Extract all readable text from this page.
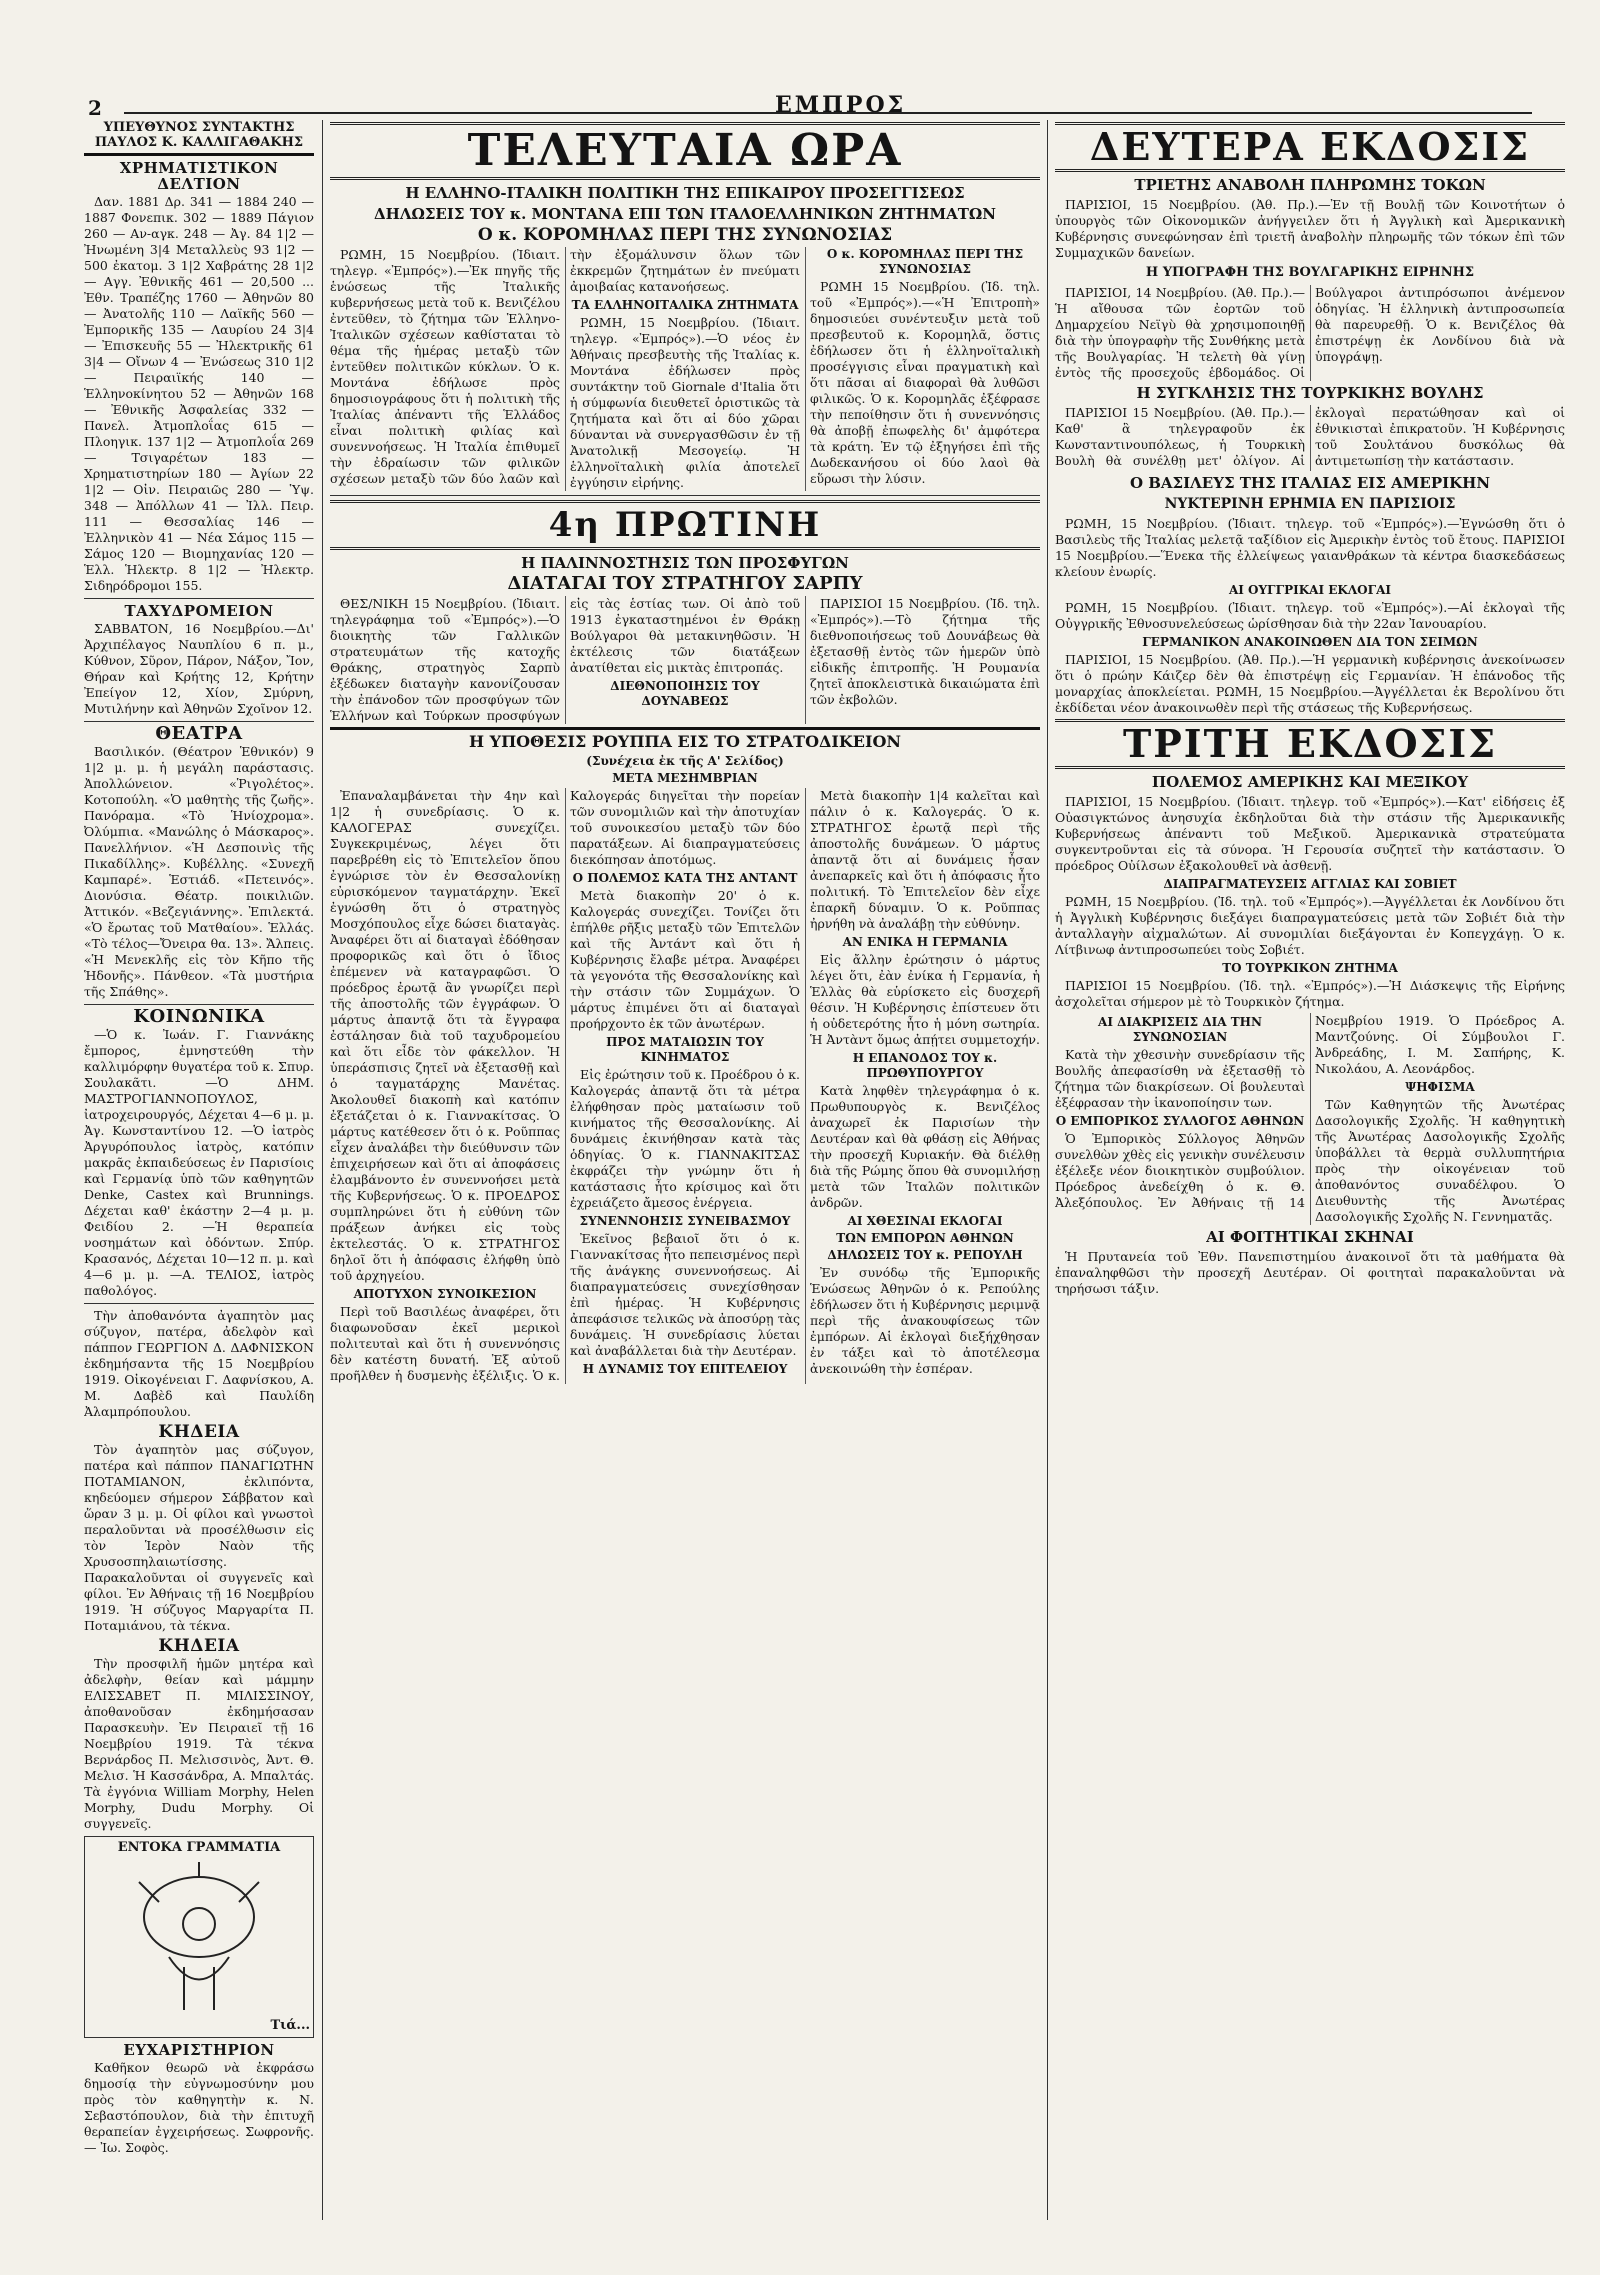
2	ΕΜΠΡΟΣ
ΥΠΕΥΘΥΝΟΣ ΣΥΝΤΑΚΤΗΣ
ΠΑΥΛΟΣ Κ. ΚΑΛΛΙΓΑΘΑΚΗΣ
ΧΡΗΜΑΤΙΣΤΙΚΟΝ ΔΕΛΤΙΟΝ

Δαν. 1881 Δρ. 341 — 1884 240 — 1887 Φονεπικ. 302 — 1889 Πάγιον 260 — Αν-αγκ. 248 — Ἀγ. 84 1|2 — Ἠνωμένη 3|4 Μεταλλεὺς 93 1|2 — 500 ἐκατομ. 3 1|2 Χαβράτης 28 1|2 — Αγγ. Ἐθνικῆς 461 — 20,500 ... Ἐθν. Τραπέζης 1760 — Ἀθηνῶν 80 — Ἀνατολῆς 110 — Λαϊκῆς 560 — Ἐμπορικῆς 135 — Λαυρίου 24 3|4 — Ἐπισκευῆς 55 — Ἠλεκτρικῆς 61 3|4 — Οἴνων 4 — Ἐνώσεως 310 1|2 — Πειραιϊκής 140 — Ἑλληνοκίνητου 52 — Ἀθηνῶν 168 — Ἐθνικῆς Ἀσφαλείας 332 — Πανελ. Ἀτμοπλοΐας 615 — Πλοηγικ. 137 1|2 — Ἀτμοπλοΐα 269 — Τσιγαρέτων 183 — Χρηματιστηρίων 180 — Ἀγίων 22 1|2 — Οἰν. Πειραιῶς 280 — Ὑψ. 348 — Ἀπόλλων 41 — Ἰλλ. Πειρ. 111 — Θεσσαλίας 146 — Ἐλληνικὸν 41 — Νέα Σάμος 115 — Σάμος 120 — Βιομηχανίας 120 — Ἑλλ. Ἡλεκτρ. 8 1|2 — Ἠλεκτρ. Σιδηρόδρομοι 155.

ΤΑΧΥΔΡΟΜΕΙΟΝ

ΣΑΒΒΑΤΟΝ, 16 Νοεμβρίου.—Δι' Ἀρχιπέλαγος Ναυπλίου 6 π. μ., Κύθνον, Σῦρον, Πάρον, Νάξον, Ἴον, Θήραν καὶ Κρήτης 12, Κρήτην Ἐπείγον 12, Χίον, Σμύρνη, Μυτιλήνην καὶ Ἀθηνῶν Σχοῖνον 12.

ΘΕΑΤΡΑ

Βασιλικόν. (Θέατρον Ἑθνικόν) 9 1|2 μ. μ. ἡ μεγάλη παράστασις. Ἀπολλώνειον. «Ῥιγολέτος». Κοτοπούλη. «Ὁ μαθητὴς τῆς ζωῆς». Πανόραμα. «Τὸ Ἡνίοχρομα». Ὀλύμπια. «Μανώλης ὁ Μάσκαρος». Πανελλήνιον. «Ἡ Δεσποινὶς τῆς Πικαδίλλης». Κυβέλλης. «Συνεχῆ Καμπαρέ». Ἑστιάδ. «Πετεινός». Διονύσια. Θέατρ. ποικιλιῶν. Ἀττικόν. «Βεζεγιάννης». Ἐπιλεκτά. «Ὁ ἔρωτας τοῦ Ματθαίου». Ἑλλάς. «Τὸ τέλος—Ὄνειρα θα. 13». Ἄλπεις. «Ἡ Μενεκλῆς εἰς τὸν Κῆπο τῆς Ἡδονῆς». Πάνθεον. «Τὰ μυστήρια τῆς Σπάθης».

ΚΟΙΝΩΝΙΚΑ

—Ὁ κ. Ἰωάν. Γ. Γιαννάκης ἔμπορος, ἐμνηστεύθη τὴν καλλιμόρφην θυγατέρα τοῦ κ. Σπυρ. Σουλακᾶτι. —Ὁ ΔΗΜ. ΜΑΣΤΡΟΓΙΑΝΝΟΠΟΥΛΟΣ, ἰατροχειρουργός, Δέχεται 4—6 μ. μ. Ἀγ. Κωνσταντίνου 12. —Ὁ ἰατρὸς Ἀργυρόπουλος ἰατρὸς, κατόπιν μακρᾶς ἐκπαιδεύσεως ἐν Παρισίοις καὶ Γερμανίᾳ ὑπὸ τῶν καθηγητῶν Denke, Castex καὶ Brunnings. Δέχεται καθ' ἑκάστην 2—4 μ. μ. Φειδίου 2. —Ἡ θεραπεία νοσημάτων καὶ ὀδόντων. Σπύρ. Κρασανός, Δέχεται 10—12 π. μ. καὶ 4—6 μ. μ. —Α. ΤΕΛΙΟΣ, ἰατρὸς παθολόγος.

Τὴν ἀποθανόντα ἀγαπητὸν μας σύζυγον, πατέρα, ἀδελφὸν καὶ πάππον ΓΕΩΡΓΙΟΝ Δ. ΔΑΦΝΙΣΚΟΝ ἐκδημήσαντα τῆς 15 Νοεμβρίου 1919. Οἰκογένειαι Γ. Δαφνίσκου, Α. Μ. Δαβὲδ καὶ Παυλίδη Ἀλαμπρόπουλου.

ΚΗΔΕΙΑ

Τὸν ἀγαπητὸν μας σύζυγον, πατέρα καὶ πάππον ΠΑΝΑΓΙΩΤΗΝ ΠΟΤΑΜΙΑΝΟΝ, ἐκλιπόντα, κηδεύομεν σήμερον Σάββατον καὶ ὥραν 3 μ. μ. Οἱ φίλοι καὶ γνωστοὶ περαλοῦνται νὰ προσέλθωσιν εἰς τὸν Ἱερὸν Ναὸν τῆς Χρυσοσπηλαιωτίσσης. Παρακαλοῦνται οἱ συγγενεῖς καὶ φίλοι. Ἐν Ἀθήναις τῇ 16 Νοεμβρίου 1919. Ἡ σύζυγος Μαργαρίτα Π. Ποταμιάνου, τὰ τέκνα.

ΚΗΔΕΙΑ

Τὴν προσφιλῆ ἡμῶν μητέρα καὶ ἀδελφὴν, θείαν καὶ μάμμην ΕΛΙΣΣΑΒΕΤ Π. ΜΙΛΙΣΣΙΝΟΥ, ἀποθανοῦσαν ἐκδημήσασαν Παρασκευὴν. Ἐν Πειραιεῖ τῇ 16 Νοεμβρίου 1919. Τὰ τέκνα Βερνάρδος Π. Μελισσινὸς, Ἀντ. Θ. Μελισ. Ἡ Κασσάνδρα, Α. Μπαλτάς. Τὰ ἐγγόνια William Morphy, Helen Morphy, Dudu Morphy. Οἱ συγγενεῖς.

ΕΝΤΟΚΑ ΓΡΑΜΜΑΤΙΑ
Τιά...
ΕΥΧΑΡΙΣΤΗΡΙΟΝ

Καθῆκον θεωρῶ νὰ ἐκφράσω δημοσίᾳ τὴν εὐγνωμοσύνην μου πρὸς τὸν καθηγητὴν κ. Ν. Σεβαστόπουλον, διὰ τὴν ἐπιτυχῆ θεραπείαν ἐγχειρήσεως. Σωφρονῆς. — Ἰω. Σοφὸς.

ΤΕΛΕΥΤΑΙΑ ΩΡΑ
Η ΕΛΛΗΝΟ-ΙΤΑΛΙΚΗ ΠΟΛΙΤΙΚΗ ΤΗΣ ΕΠΙΚΑΙΡΟΥ ΠΡΟΣΕΓΓΙΣΕΩΣ
ΔΗΛΩΣΕΙΣ ΤΟΥ κ. ΜΟΝΤΑΝΑ ΕΠΙ ΤΩΝ ΙΤΑΛΟΕΛΛΗΝΙΚΩΝ ΖΗΤΗΜΑΤΩΝ
Ο κ. ΚΟΡΟΜΗΛΑΣ ΠΕΡΙ ΤΗΣ ΣΥΝΩΝΟΣΙΑΣ

ΡΩΜΗ, 15 Νοεμβρίου. (Ἰδιαιτ. τηλεγρ. «Ἐμπρός»).—Ἐκ πηγῆς τῆς ἑνώσεως τῆς Ἰταλικῆς κυβερνήσεως μετὰ τοῦ κ. Βενιζέλου ἐντεῦθεν, τὸ ζήτημα τῶν Ἑλληνο-Ἰταλικῶν σχέσεων καθίσταται τὸ θέμα τῆς ἡμέρας μεταξὺ τῶν ἐντεῦθεν πολιτικῶν κύκλων. Ὁ κ. Μοντάνα ἐδήλωσε πρὸς δημοσιογράφους ὅτι ἡ πολιτικὴ τῆς Ἰταλίας ἀπέναντι τῆς Ἑλλάδος εἶναι πολιτικὴ φιλίας καὶ συνεννοήσεως. Ἡ Ἰταλία ἐπιθυμεῖ τὴν ἐδραίωσιν τῶν φιλικῶν σχέσεων μεταξὺ τῶν δύο λαῶν καὶ τὴν ἐξομάλυνσιν ὅλων τῶν ἐκκρεμῶν ζητημάτων ἐν πνεύματι ἀμοιβαίας κατανοήσεως.

ΤΑ ΕΛΛΗΝΟΙΤΑΛΙΚΑ ΖΗΤΗΜΑΤΑ

ΡΩΜΗ, 15 Νοεμβρίου. (Ἰδιαιτ. τηλεγρ. «Ἐμπρός»).—Ὁ νέος ἐν Ἀθήναις πρεσβευτὴς τῆς Ἰταλίας κ. Μοντάνα ἐδήλωσεν πρὸς συντάκτην τοῦ Giornale d'Italia ὅτι ἡ σύμφωνία διευθετεῖ ὁριστικῶς τὰ ζητήματα καὶ ὅτι αἱ δύο χῶραι δύνανται νὰ συνεργασθῶσιν ἐν τῇ Ἀνατολικῇ Μεσογείῳ. Ἡ ἑλληνοϊταλικὴ φιλία ἀποτελεῖ ἐγγύησιν εἰρήνης.

Ο κ. ΚΟΡΟΜΗΛΑΣ ΠΕΡΙ ΤΗΣ ΣΥΝΩΝΟΣΙΑΣ

ΡΩΜΗ 15 Νοεμβρίου. (Ἰδ. τηλ. τοῦ «Ἐμπρός»).—«Ἡ Ἐπιτροπὴ» δημοσιεύει συνέντευξιν μετὰ τοῦ πρεσβευτοῦ κ. Κορομηλᾶ, ὅστις ἐδήλωσεν ὅτι ἡ ἑλληνοϊταλικὴ προσέγγισις εἶναι πραγματικὴ καὶ ὅτι πᾶσαι αἱ διαφοραὶ θὰ λυθῶσι φιλικῶς. Ὁ κ. Κορομηλᾶς ἐξέφρασε τὴν πεποίθησιν ὅτι ἡ συνεννόησις θὰ ἀποβῇ ἐπωφελὴς δι' ἀμφότερα τὰ κράτη. Ἐν τῷ ἐξηγήσει ἐπὶ τῆς Δωδεκανήσου οἱ δύο λαοὶ θὰ εὕρωσι τὴν λύσιν.

4η ΠΡΩΤΙΝΗ
Η ΠΑΛΙΝΝΟΣΤΗΣΙΣ ΤΩΝ ΠΡΟΣΦΥΓΩΝ
ΔΙΑΤΑΓΑΙ ΤΟΥ ΣΤΡΑΤΗΓΟΥ ΣΑΡΠΥ

ΘΕΣ/ΝΙΚΗ 15 Νοεμβρίου. (Ἰδιαιτ. τηλεγράφημα τοῦ «Ἐμπρός»).—Ὁ διοικητὴς τῶν Γαλλικῶν στρατευμάτων τῆς κατοχῆς Θράκης, στρατηγὸς Σαρπὺ ἐξέδωκεν διαταγὴν κανονίζουσαν τὴν ἐπάνοδον τῶν προσφύγων τῶν Ἑλλήνων καὶ Τούρκων προσφύγων εἰς τὰς ἑστίας των. Οἱ ἀπὸ τοῦ 1913 ἐγκαταστημένοι ἐν Θράκῃ Βούλγαροι θὰ μετακινηθῶσιν. Ἡ ἐκτέλεσις τῶν διατάξεων ἀνατίθεται εἰς μικτὰς ἐπιτροπάς.

ΔΙΕΘΝΟΠΟΙΗΣΙΣ ΤΟΥ ΔΟΥΝΑΒΕΩΣ

ΠΑΡΙΣΙΟΙ 15 Νοεμβρίου. (Ἰδ. τηλ. «Ἐμπρός»).—Τὸ ζήτημα τῆς διεθνοποιήσεως τοῦ Δουνάβεως θὰ ἐξετασθῇ ἐντὸς τῶν ἡμερῶν ὑπὸ εἰδικῆς ἐπιτροπῆς. Ἡ Ρουμανία ζητεῖ ἀποκλειστικὰ δικαιώματα ἐπὶ τῶν ἐκβολῶν.

Η ΥΠΟΘΕΣΙΣ ΡΟΥΠΠΑ ΕΙΣ ΤΟ ΣΤΡΑΤΟΔΙΚΕΙΟΝ
(Συνέχεια ἐκ τῆς Α' Σελίδος)
ΜΕΤΑ ΜΕΣΗΜΒΡΙΑΝ

Ἐπαναλαμβάνεται τὴν 4ην καὶ 1|2 ἡ συνεδρίασις. Ὁ κ. ΚΑΛΟΓΕΡΑΣ συνεχίζει. Συγκεκριμένως, λέγει ὅτι παρεβρέθη εἰς τὸ Ἐπιτελεῖον ὅπου ἐγνώρισε τὸν ἐν Θεσσαλονίκῃ εὐρισκόμενον ταγματάρχην. Ἐκεῖ ἐγνώσθη ὅτι ὁ στρατηγὸς Μοσχόπουλος εἶχε δώσει διαταγὰς. Ἀναφέρει ὅτι αἱ διαταγαὶ ἐδόθησαν προφορικῶς καὶ ὅτι ὁ ἴδιος ἐπέμενεν νὰ καταγραφῶσι. Ὁ πρόεδρος ἐρωτᾷ ἂν γνωρίζει περὶ τῆς ἀποστολῆς τῶν ἐγγράφων. Ὁ μάρτυς ἀπαντᾷ ὅτι τὰ ἔγγραφα ἐστάλησαν διὰ τοῦ ταχυδρομείου καὶ ὅτι εἶδε τὸν φάκελλον. Ἡ ὑπεράσπισις ζητεῖ νὰ ἐξετασθῇ καὶ ὁ ταγματάρχης Μανέτας. Ἀκολουθεῖ διακοπὴ καὶ κατόπιν ἐξετάζεται ὁ κ. Γιαννακίτσας. Ὁ μάρτυς κατέθεσεν ὅτι ὁ κ. Ροῦππας εἶχεν ἀναλάβει τὴν διεύθυνσιν τῶν ἐπιχειρήσεων καὶ ὅτι αἱ ἀποφάσεις ἐλαμβάνοντο ἐν συνεννοήσει μετὰ τῆς Κυβερνήσεως. Ὁ κ. ΠΡΟΕΔΡΟΣ συμπληρώνει ὅτι ἡ εὐθύνη τῶν πράξεων ἀνήκει εἰς τοὺς ἐκτελεστάς. Ὁ κ. ΣΤΡΑΤΗΓΟΣ δηλοῖ ὅτι ἡ ἀπόφασις ἐλήφθη ὑπὸ τοῦ ἀρχηγείου.

ΑΠΟΤΥΧΟΝ ΣΥΝΟΙΚΕΣΙΟΝ

Περὶ τοῦ Βασιλέως ἀναφέρει, ὅτι διαφωνοῦσαν ἐκεῖ μερικοὶ πολιτευταὶ καὶ ὅτι ἡ συνεννόησις δὲν κατέστη δυνατή. Ἐξ αὐτοῦ προῆλθεν ἡ δυσμενὴς ἐξέλιξις. Ὁ κ. Καλογεράς διηγεῖται τὴν πορείαν τῶν συνομιλιῶν καὶ τὴν ἀποτυχίαν τοῦ συνοικεσίου μεταξὺ τῶν δύο παρατάξεων. Αἱ διαπραγματεύσεις διεκόπησαν ἀποτόμως.

Ο ΠΟΛΕΜΟΣ ΚΑΤΑ ΤΗΣ ΑΝΤΑΝΤ

Μετὰ διακοπὴν 20' ὁ κ. Καλογεράς συνεχίζει. Τονίζει ὅτι ἐπήλθε ρῆξις μεταξὺ τῶν Ἐπιτελῶν καὶ τῆς Ἀντάντ καὶ ὅτι ἡ Κυβέρνησις ἔλαβε μέτρα. Ἀναφέρει τὰ γεγονότα τῆς Θεσσαλονίκης καὶ τὴν στάσιν τῶν Συμμάχων. Ὁ μάρτυς ἐπιμένει ὅτι αἱ διαταγαὶ προήρχοντο ἐκ τῶν ἀνωτέρων.

ΠΡΟΣ ΜΑΤΑΙΩΣΙΝ ΤΟΥ ΚΙΝΗΜΑΤΟΣ

Εἰς ἐρώτησιν τοῦ κ. Προέδρου ὁ κ. Καλογεράς ἀπαντᾷ ὅτι τὰ μέτρα ἐλήφθησαν πρὸς ματαίωσιν τοῦ κινήματος τῆς Θεσσαλονίκης. Αἱ δυνάμεις ἐκινήθησαν κατὰ τὰς ὁδηγίας. Ὁ κ. ΓΙΑΝΝΑΚΙΤΣΑΣ ἐκφράζει τὴν γνώμην ὅτι ἡ κατάστασις ἦτο κρίσιμος καὶ ὅτι ἐχρειάζετο ἄμεσος ἐνέργεια.

ΣΥΝΕΝΝΟΗΣΙΣ ΣΥΝΕΙΒΑΣΜΟΥ

Ἐκεῖνος βεβαιοῖ ὅτι ὁ κ. Γιαννακίτσας ἦτο πεπεισμένος περὶ τῆς ἀνάγκης συνεννοήσεως. Αἱ διαπραγματεύσεις συνεχίσθησαν ἐπὶ ἡμέρας. Ἡ Κυβέρνησις ἀπεφάσισε τελικῶς νὰ ἀποσύρῃ τὰς δυνάμεις. Ἡ συνεδρίασις λύεται καὶ ἀναβάλλεται διὰ τὴν Δευτέραν.

Η ΔΥΝΑΜΙΣ ΤΟΥ ΕΠΙΤΕΛΕΙΟΥ

Μετὰ διακοπὴν 1|4 καλεῖται καὶ πάλιν ὁ κ. Καλογεράς. Ὁ κ. ΣΤΡΑΤΗΓΟΣ ἐρωτᾷ περὶ τῆς ἀποστολῆς δυνάμεων. Ὁ μάρτυς ἀπαντᾷ ὅτι αἱ δυνάμεις ἦσαν ἀνεπαρκεῖς καὶ ὅτι ἡ ἀπόφασις ἦτο πολιτική. Τὸ Ἐπιτελεῖον δὲν εἶχε ἐπαρκῆ δύναμιν. Ὁ κ. Ροῦππας ἠρνήθη νὰ ἀναλάβῃ τὴν εὐθύνην.

ΑΝ ΕΝΙΚΑ Η ΓΕΡΜΑΝΙΑ

Εἰς ἄλλην ἐρώτησιν ὁ μάρτυς λέγει ὅτι, ἐὰν ἐνίκα ἡ Γερμανία, ἡ Ἑλλὰς θὰ εὑρίσκετο εἰς δυσχερῆ θέσιν. Ἡ Κυβέρνησις ἐπίστευεν ὅτι ἡ οὐδετερότης ἦτο ἡ μόνη σωτηρία. Ἡ Ἀντὰντ ὅμως ἀπῄτει συμμετοχήν.

Η ΕΠΑΝΟΔΟΣ ΤΟΥ κ. ΠΡΩΘΥΠΟΥΡΓΟΥ

Κατὰ ληφθὲν τηλεγράφημα ὁ κ. Πρωθυπουργὸς κ. Βενιζέλος ἀναχωρεῖ ἐκ Παρισίων τὴν Δευτέραν καὶ θὰ φθάσῃ εἰς Ἀθήνας τὴν προσεχῆ Κυριακήν. Θὰ διέλθῃ διὰ τῆς Ρώμης ὅπου θὰ συνομιλήσῃ μετὰ τῶν Ἰταλῶν πολιτικῶν ἀνδρῶν.

ΑΙ ΧΘΕΣΙΝΑΙ ΕΚΛΟΓΑΙ
ΤΩΝ ΕΜΠΟΡΩΝ ΑΘΗΝΩΝ
ΔΗΛΩΣΕΙΣ ΤΟΥ κ. ΡΕΠΟΥΛΗ

Ἐν συνόδῳ τῆς Ἐμπορικῆς Ἑνώσεως Ἀθηνῶν ὁ κ. Ρεπούλης ἐδήλωσεν ὅτι ἡ Κυβέρνησις μεριμνᾷ περὶ τῆς ἀνακουφίσεως τῶν ἐμπόρων. Αἱ ἐκλογαὶ διεξήχθησαν ἐν τάξει καὶ τὸ ἀποτέλεσμα ἀνεκοινώθη τὴν ἑσπέραν.

ΔΕΥΤΕΡΑ ΕΚΔΟΣΙΣ
ΤΡΙΕΤΗΣ ΑΝΑΒΟΛΗ ΠΛΗΡΩΜΗΣ ΤΟΚΩΝ

ΠΑΡΙΣΙΟΙ, 15 Νοεμβρίου. (Ἀθ. Πρ.).—Ἐν τῇ Βουλῇ τῶν Κοινοτήτων ὁ ὑπουργὸς τῶν Οἰκονομικῶν ἀνήγγειλεν ὅτι ἡ Ἀγγλικὴ καὶ Ἀμερικανικὴ Κυβέρνησις συνεφώνησαν ἐπὶ τριετῆ ἀναβολὴν πληρωμῆς τῶν τόκων ἐπὶ τῶν Συμμαχικῶν δανείων.

Η ΥΠΟΓΡΑΦΗ ΤΗΣ ΒΟΥΛΓΑΡΙΚΗΣ ΕΙΡΗΝΗΣ

ΠΑΡΙΣΙΟΙ, 14 Νοεμβρίου. (Ἀθ. Πρ.).—Ἡ αἴθουσα τῶν ἐορτῶν τοῦ Δημαρχείου Νεϊγὺ θὰ χρησιμοποιηθῇ διὰ τὴν ὑπογραφὴν τῆς Συνθήκης μετὰ τῆς Βουλγαρίας. Ἡ τελετὴ θὰ γίνῃ ἐντὸς τῆς προσεχοῦς ἑβδομάδος. Οἱ Βούλγαροι ἀντιπρόσωποι ἀνέμενον ὁδηγίας. Ἡ ἑλληνικὴ ἀντιπροσωπεία θὰ παρευρεθῇ. Ὁ κ. Βενιζέλος θὰ ἐπιστρέψῃ ἐκ Λονδίνου διὰ νὰ ὑπογράψῃ.

Η ΣΥΓΚΛΗΣΙΣ ΤΗΣ ΤΟΥΡΚΙΚΗΣ ΒΟΥΛΗΣ

ΠΑΡΙΣΙΟΙ 15 Νοεμβρίου. (Ἀθ. Πρ.).—Καθ' ἃ τηλεγραφοῦν ἐκ Κωνσταντινουπόλεως, ἡ Τουρκικὴ Βουλὴ θὰ συνέλθῃ μετ' ὀλίγον. Αἱ ἐκλογαὶ περατώθησαν καὶ οἱ ἐθνικισταὶ ἐπικρατοῦν. Ἡ Κυβέρνησις τοῦ Σουλτάνου δυσκόλως θὰ ἀντιμετωπίσῃ τὴν κατάστασιν.

Ο ΒΑΣΙΛΕΥΣ ΤΗΣ ΙΤΑΛΙΑΣ ΕΙΣ ΑΜΕΡΙΚΗΝ
ΝΥΚΤΕΡΙΝΗ ΕΡΗΜΙΑ ΕΝ ΠΑΡΙΣΙΟΙΣ

ΡΩΜΗ, 15 Νοεμβρίου. (Ἰδιαιτ. τηλεγρ. τοῦ «Ἐμπρός»).—Ἐγνώσθη ὅτι ὁ Βασιλεὺς τῆς Ἰταλίας μελετᾷ ταξίδιον εἰς Ἀμερικὴν ἐντὸς τοῦ ἔτους. ΠΑΡΙΣΙΟΙ 15 Νοεμβρίου.—Ἕνεκα τῆς ἐλλείψεως γαιανθράκων τὰ κέντρα διασκεδάσεως κλείουν ἐνωρίς.

ΑΙ ΟΥΓΓΡΙΚΑΙ ΕΚΛΟΓΑΙ

ΡΩΜΗ, 15 Νοεμβρίου. (Ἰδιαιτ. τηλεγρ. τοῦ «Ἐμπρός»).—Αἱ ἐκλογαὶ τῆς Οὐγγρικῆς Ἐθνοσυνελεύσεως ὡρίσθησαν διὰ τὴν 22αν Ἰανουαρίου.

ΓΕΡΜΑΝΙΚΟΝ ΑΝΑΚΟΙΝΩΘΕΝ ΔΙΑ ΤΟΝ ΣΕΙΜΩΝ

ΠΑΡΙΣΙΟΙ, 15 Νοεμβρίου. (Ἀθ. Πρ.).—Ἡ γερμανικὴ κυβέρνησις ἀνεκοίνωσεν ὅτι ὁ πρώην Κάιζερ δὲν θὰ ἐπιστρέψῃ εἰς Γερμανίαν. Ἡ ἐπάνοδος τῆς μοναρχίας ἀποκλείεται. ΡΩΜΗ, 15 Νοεμβρίου.—Ἀγγέλλεται ἐκ Βερολίνου ὅτι ἐκδίδεται νέον ἀνακοινωθὲν περὶ τῆς στάσεως τῆς Κυβερνήσεως.

ΤΡΙΤΗ ΕΚΔΟΣΙΣ
ΠΟΛΕΜΟΣ ΑΜΕΡΙΚΗΣ ΚΑΙ ΜΕΞΙΚΟΥ

ΠΑΡΙΣΙΟΙ, 15 Νοεμβρίου. (Ἰδιαιτ. τηλεγρ. τοῦ «Ἐμπρός»).—Κατ' εἰδήσεις ἐξ Οὐασιγκτώνος ἀνησυχία ἐκδηλοῦται διὰ τὴν στάσιν τῆς Ἀμερικανικῆς Κυβερνήσεως ἀπέναντι τοῦ Μεξικοῦ. Ἀμερικανικὰ στρατεύματα συγκεντροῦνται εἰς τὰ σύνορα. Ἡ Γερουσία συζητεῖ τὴν κατάστασιν. Ὁ πρόεδρος Οὐίλσων ἐξακολουθεῖ νὰ ἀσθενῇ.

ΔΙΑΠΡΑΓΜΑΤΕΥΣΕΙΣ ΑΓΓΛΙΑΣ ΚΑΙ ΣΟΒΙΕΤ

ΡΩΜΗ, 15 Νοεμβρίου. (Ἰδ. τηλ. τοῦ «Ἐμπρός»).—Ἀγγέλλεται ἐκ Λονδίνου ὅτι ἡ Ἀγγλικὴ Κυβέρνησις διεξάγει διαπραγματεύσεις μετὰ τῶν Σοβιέτ διὰ τὴν ἀνταλλαγὴν αἰχμαλώτων. Αἱ συνομιλίαι διεξάγονται ἐν Κοπεγχάγῃ. Ὁ κ. Λίτβινωφ ἀντιπροσωπεύει τοὺς Σοβιέτ.

ΤΟ ΤΟΥΡΚΙΚΟΝ ΖΗΤΗΜΑ

ΠΑΡΙΣΙΟΙ 15 Νοεμβρίου. (Ἰδ. τηλ. «Ἐμπρός»).—Ἡ Διάσκεψις τῆς Εἰρήνης ἀσχολεῖται σήμερον μὲ τὸ Τουρκικὸν ζήτημα.

ΑΙ ΔΙΑΚΡΙΣΕΙΣ ΔΙΑ ΤΗΝ ΣΥΝΩΝΟΣΙΑΝ

Κατὰ τὴν χθεσινὴν συνεδρίασιν τῆς Βουλῆς ἀπεφασίσθη νὰ ἐξετασθῇ τὸ ζήτημα τῶν διακρίσεων. Οἱ βουλευταὶ ἐξέφρασαν τὴν ἱκανοποίησιν των.

Ο ΕΜΠΟΡΙΚΟΣ ΣΥΛΛΟΓΟΣ ΑΘΗΝΩΝ

Ὁ Ἐμπορικὸς Σύλλογος Ἀθηνῶν συνελθὼν χθὲς εἰς γενικὴν συνέλευσιν ἐξέλεξε νέον διοικητικὸν συμβούλιον. Πρόεδρος ἀνεδείχθη ὁ κ. Θ. Ἀλεξόπουλος. Ἐν Ἀθήναις τῇ 14 Νοεμβρίου 1919. Ὁ Πρόεδρος Α. Μαντζούνης. Οἱ Σύμβουλοι Γ. Ἀνδρεάδης, Ι. Μ. Σαπήρης, Κ. Νικολάου, Α. Λεονάρδος.

ΨΗΦΙΣΜΑ

Τῶν Καθηγητῶν τῆς Ἀνωτέρας Δασολογικῆς Σχολῆς. Ἡ καθηγητικὴ τῆς Ἀνωτέρας Δασολογικῆς Σχολῆς ὑποβάλλει τὰ θερμὰ συλλυπητήρια πρὸς τὴν οἰκογένειαν τοῦ ἀποθανόντος συναδέλφου. Ὁ Διευθυντὴς τῆς Ἀνωτέρας Δασολογικῆς Σχολῆς Ν. Γεννηματᾶς.

ΑΙ ΦΟΙΤΗΤΙΚΑΙ ΣΚΗΝΑΙ

Ἡ Πρυτανεία τοῦ Ἐθν. Πανεπιστημίου ἀνακοινοῖ ὅτι τὰ μαθήματα θὰ ἐπαναληφθῶσι τὴν προσεχῆ Δευτέραν. Οἱ φοιτηταὶ παρακαλοῦνται νὰ τηρήσωσι τάξιν.
